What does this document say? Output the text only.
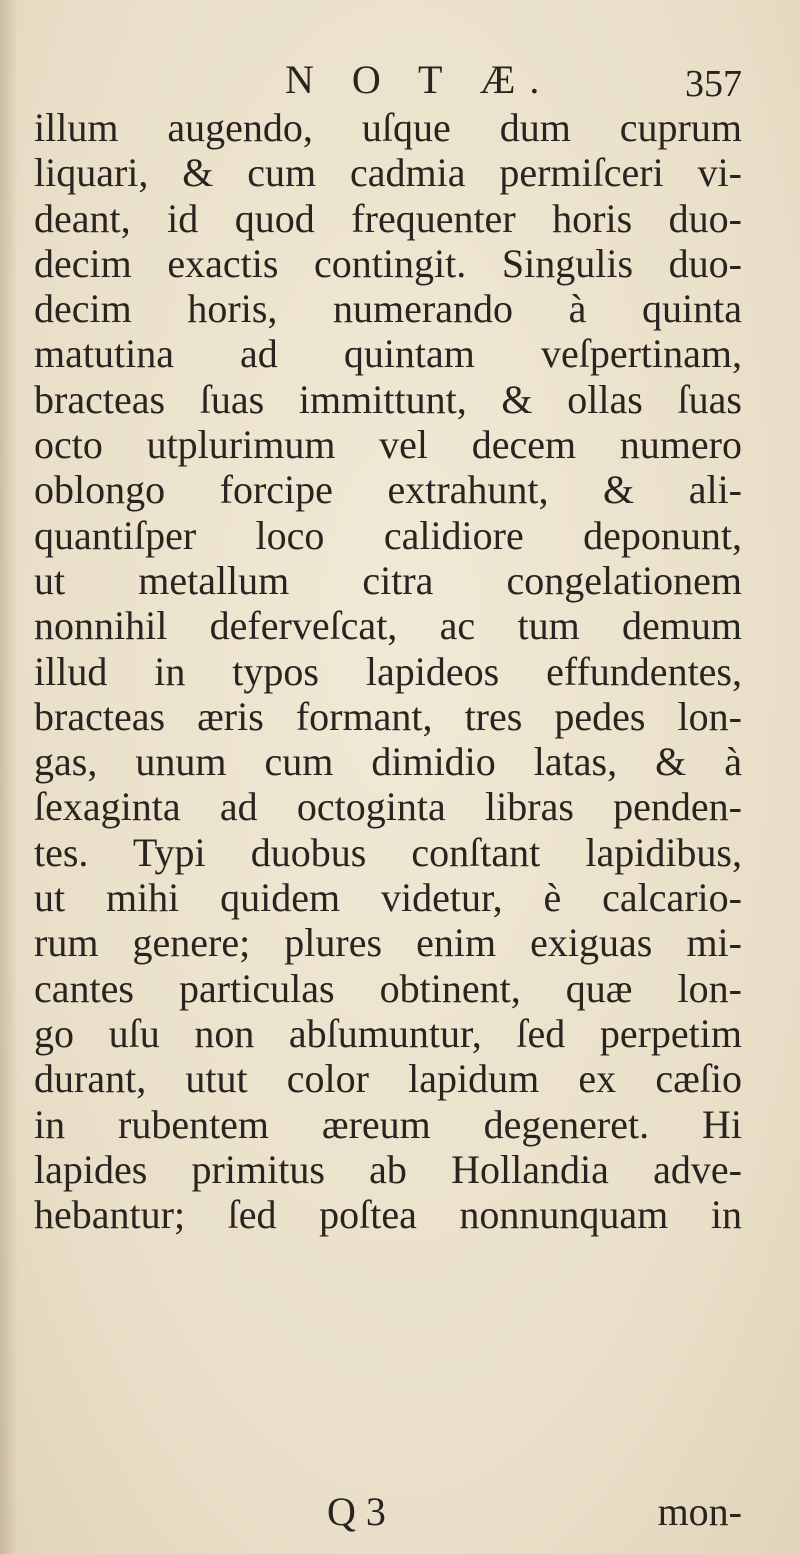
N O T Æ.	357
illum augendo, uſque dum cuprum
liquari, & cum cadmia permiſceri vi-
deant, id quod frequenter horis duo-
decim exactis contingit. Singulis duo-
decim horis, numerando à quinta
matutina ad quintam veſpertinam,
bracteas ſuas immittunt, & ollas ſuas
octo utplurimum vel decem numero
oblongo forcipe extrahunt, & ali-
quantiſper loco calidiore deponunt,
ut metallum citra congelationem
nonnihil deferveſcat, ac tum demum
illud in typos lapideos effundentes,
bracteas æris formant, tres pedes lon-
gas, unum cum dimidio latas, & à
ſexaginta ad octoginta libras penden-
tes. Typi duobus conſtant lapidibus,
ut mihi quidem videtur, è calcario-
rum genere; plures enim exiguas mi-
cantes particulas obtinent, quæ lon-
go uſu non abſumuntur, ſed perpetim
durant, utut color lapidum ex cæſio
in rubentem æreum degeneret. Hi
lapides primitus ab Hollandia adve-
hebantur; ſed poſtea nonnunquam in
Q 3	mon-
